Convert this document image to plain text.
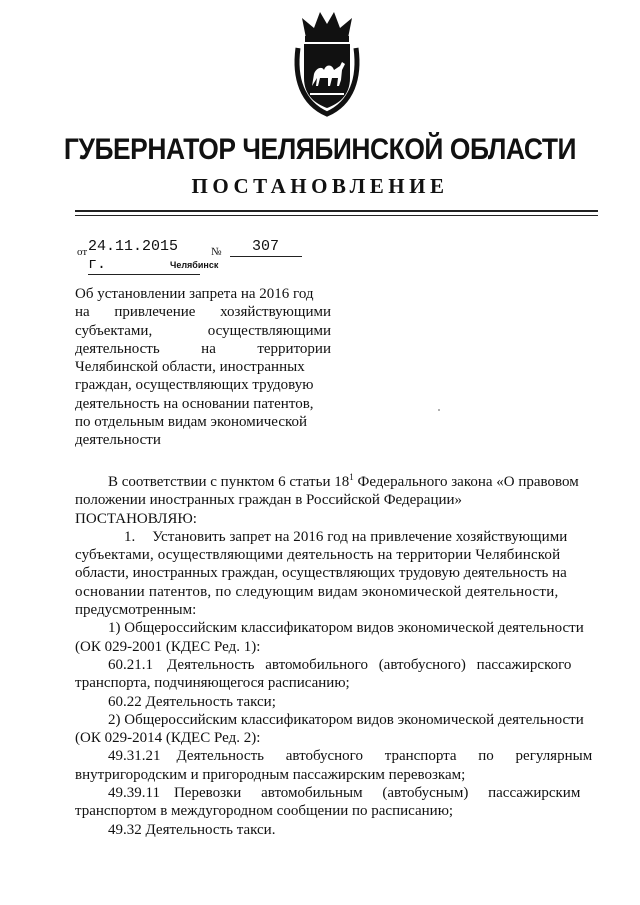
ГУБЕРНАТОР ЧЕЛЯБИНСКОЙ ОБЛАСТИ
ПОСТАНОВЛЕНИЕ
от 24.11.2015 г.
№	307
Челябинск
Об установлении запрета на 2016 год
на привлечение хозяйствующими
субъектами, осуществляющими
деятельность на территории
Челябинской области, иностранных
граждан, осуществляющих трудовую
деятельность на основании патентов,
по отдельным видам экономической
деятельности
В соответствии с пунктом 6 статьи $18^1$ Федерального закона «О правовом
положении иностранных граждан в Российской Федерации»
ПОСТАНОВЛЯЮ:
1. Установить запрет на 2016 год на привлечение хозяйствующими
субъектами, осуществляющими деятельность на территории Челябинской
области, иностранных граждан, осуществляющих трудовую деятельность на
основании патентов, по следующим видам экономической деятельности,
предусмотренным:
1) Общероссийским классификатором видов экономической деятельности
(ОК 029-2001 (КДЕС Ред. 1):
60.21.1 Деятельность автомобильного (автобусного) пассажирского
транспорта, подчиняющегося расписанию;
60.22 Деятельность такси;
2) Общероссийским классификатором видов экономической деятельности
(ОК 029-2014 (КДЕС Ред. 2):
49.31.21 Деятельность автобусного транспорта по регулярным
внутригородским и пригородным пассажирским перевозкам;
49.39.11 Перевозки автомобильным (автобусным) пассажирским
транспортом в междугородном сообщении по расписанию;
49.32 Деятельность такси.
